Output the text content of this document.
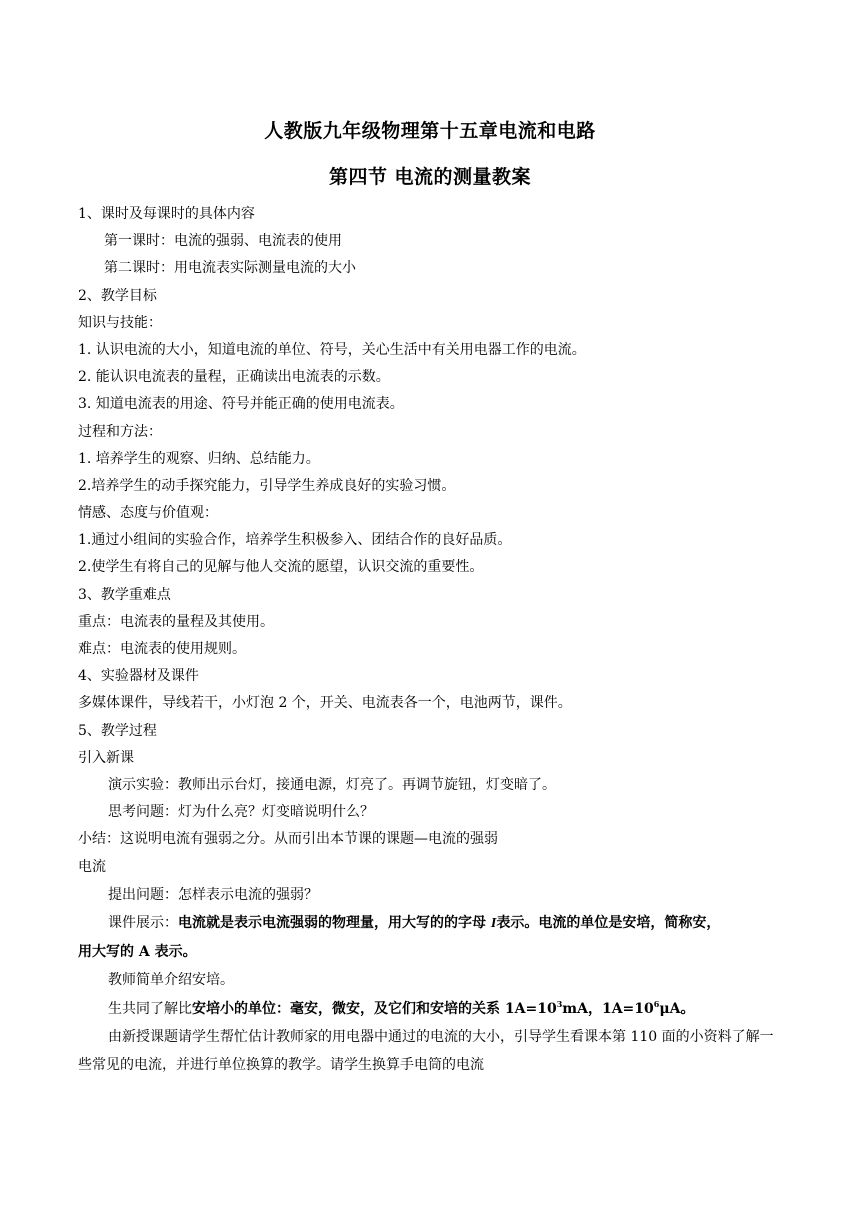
人教版九年级物理第十五章电流和电路
第四节 电流的测量教案
1、课时及每课时的具体内容
第一课时：电流的强弱、电流表的使用
第二课时：用电流表实际测量电流的大小
2、教学目标
知识与技能：
1. 认识电流的大小，知道电流的单位、符号，关心生活中有关用电器工作的电流。
2. 能认识电流表的量程，正确读出电流表的示数。
3. 知道电流表的用途、符号并能正确的使用电流表。
过程和方法：
1. 培养学生的观察、归纳、总结能力。
2.培养学生的动手探究能力，引导学生养成良好的实验习惯。
情感、态度与价值观：
1.通过小组间的实验合作，培养学生积极参入、团结合作的良好品质。
2.使学生有将自己的见解与他人交流的愿望，认识交流的重要性。
3、教学重难点
重点：电流表的量程及其使用。
难点：电流表的使用规则。
4、实验器材及课件
多媒体课件，导线若干，小灯泡 2 个，开关、电流表各一个，电池两节，课件。
5、教学过程
引入新课
演示实验：教师出示台灯，接通电源，灯亮了。再调节旋钮，灯变暗了。
思考问题：灯为什么亮？灯变暗说明什么？
小结：这说明电流有强弱之分。从而引出本节课的课题—电流的强弱
电流
提出问题：怎样表示电流的强弱？
课件展示：电流就是表示电流强弱的物理量，用大写的的字母 I表示。电流的单位是安培，简称安，
用大写的 A 表示。
教师简单介绍安培。
生共同了解比安培小的单位：毫安，微安，及它们和安培的关系 $1A=10^3mA$，$1A=10^6\mu A$。
由新授课题请学生帮忙估计教师家的用电器中通过的电流的大小，引导学生看课本第 110 面的小资料了解一些常见的电流，并进行单位换算的教学。请学生换算手电筒的电流
